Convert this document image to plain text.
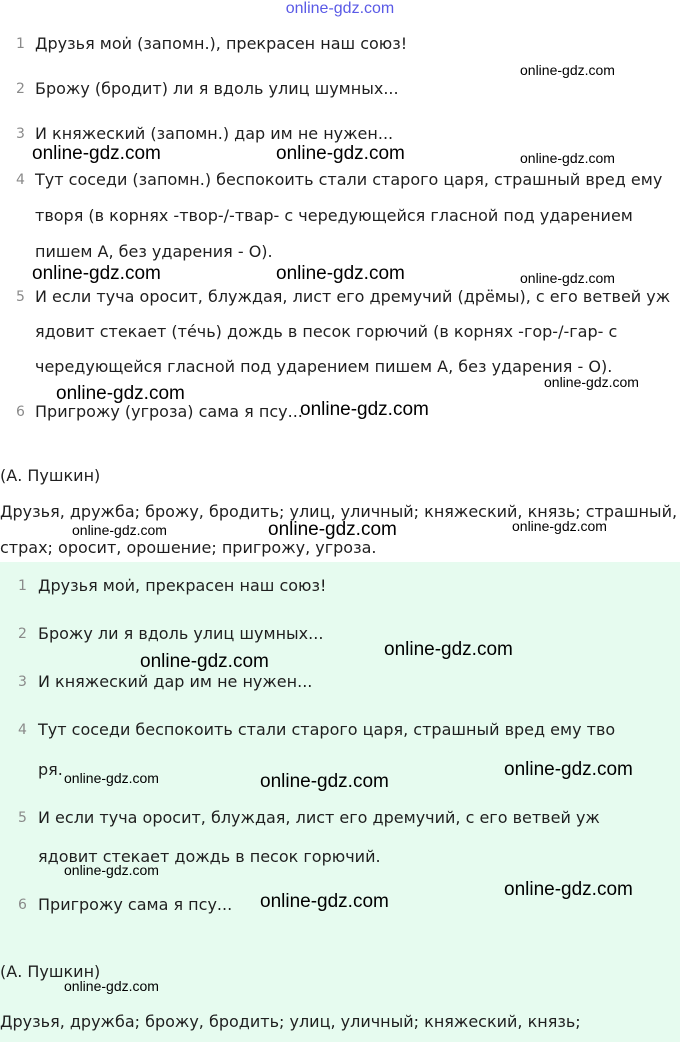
online-gdz.com
1 Друзья мои̇ (запомн.), прекрасен наш союз!
2 Брожу (бродит) ли я вдоль улиц шумных...
3 И княжеский (запомн.) дар им не нужен...
4 Тут соседи (запомн.) беспокоить стали старого царя, страшный вред ему
творя (в корнях -твор-/-твар- с чередующейся гласной под ударением
пишем А, без ударения - О).
5 И если туча оросит, блуждая, лист его дремучий (дрёмы), с его ветвей уж
ядовит стекает (тéчь) дождь в песок горючий (в корнях -гор-/-гар- с
чередующейся гласной под ударением пишем А, без ударения - О).
6 Пригрожу (угроза) сама я псу...
(А. Пушкин)
Друзья, дружба; брожу, бродить; улиц, уличный; княжеский, князь; страшный,
страх; оросит, орошение; пригрожу, угроза.
1 Друзья мои̇, прекрасен наш союз!
2 Брожу ли я вдоль улиц шумных...
3 И княжеский дар им не нужен...
4 Тут соседи беспокоить стали старого царя, страшный вред ему тво
ря.
5 И если туча оросит, блуждая, лист его дремучий, с его ветвей уж
ядовит стекает дождь в песок горючий.
6 Пригрожу сама я псу...
(А. Пушкин)
Друзья, дружба; брожу, бродить; улиц, уличный; княжеский, князь;
online-gdz.com
online-gdz.com	online-gdz.com	online-gdz.com
online-gdz.com	online-gdz.com	online-gdz.com
online-gdz.com
online-gdz.com
online-gdz.com
online-gdz.com	online-gdz.com	online-gdz.com
online-gdz.com
online-gdz.com
online-gdz.com
online-gdz.com	online-gdz.com
online-gdz.com
online-gdz.com
online-gdz.com
online-gdz.com
